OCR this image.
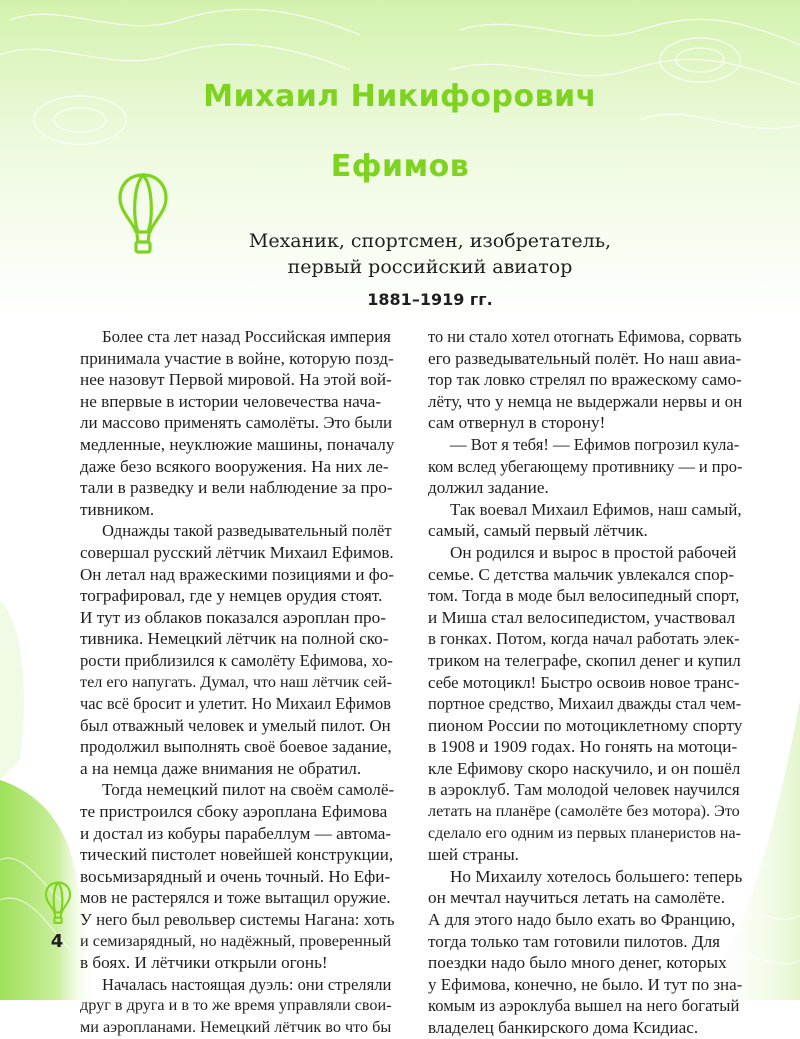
Михаил Никифорович
Ефимов
Механик, спортсмен, изобретатель,
первый российский авиатор
1881–1919 гг.
Более ста лет назад Российская империя
принимала участие в войне, которую позд-
нее назовут Первой мировой. На этой вой-
не впервые в истории человечества нача-
ли массово применять самолёты. Это были
медленные, неуклюжие машины, поначалу
даже безо всякого вооружения. На них ле-
тали в разведку и вели наблюдение за про-
тивником.
Однажды такой разведывательный полёт
совершал русский лётчик Михаил Ефимов.
Он летал над вражескими позициями и фо-
тографировал, где у немцев орудия стоят.
И тут из облаков показался аэроплан про-
тивника. Немецкий лётчик на полной ско-
рости приблизился к самолёту Ефимова, хо-
тел его напугать. Думал, что наш лётчик сей-
час всё бросит и улетит. Но Михаил Ефимов
был отважный человек и умелый пилот. Он
продолжил выполнять своё боевое задание,
а на немца даже внимания не обратил.
Тогда немецкий пилот на своём самолё-
те пристроился сбоку аэроплана Ефимова
и достал из кобуры парабеллум — автома-
тический пистолет новейшей конструкции,
восьмизарядный и очень точный. Но Ефи-
мов не растерялся и тоже вытащил оружие.
У него был револьвер системы Нагана: хоть
и семизарядный, но надёжный, проверенный
в боях. И лётчики открыли огонь!
Началась настоящая дуэль: они стреляли
друг в друга и в то же время управляли свои-
ми аэропланами. Немецкий лётчик во что бы
то ни стало хотел отогнать Ефимова, сорвать
его разведывательный полёт. Но наш авиа-
тор так ловко стрелял по вражескому само-
лёту, что у немца не выдержали нервы и он
сам отвернул в сторону!
— Вот я тебя! — Ефимов погрозил кула-
ком вслед убегающему противнику — и про-
должил задание.
Так воевал Михаил Ефимов, наш самый,
самый, самый первый лётчик.
Он родился и вырос в простой рабочей
семье. С детства мальчик увлекался спор-
том. Тогда в моде был велосипедный спорт,
и Миша стал велосипедистом, участвовал
в гонках. Потом, когда начал работать элек-
триком на телеграфе, скопил денег и купил
себе мотоцикл! Быстро освоив новое транс-
портное средство, Михаил дважды стал чем-
пионом России по мотоциклетному спорту
в 1908 и 1909 годах. Но гонять на мотоци-
кле Ефимову скоро наскучило, и он пошёл
в аэроклуб. Там молодой человек научился
летать на планёре (самолёте без мотора). Это
сделало его одним из первых планеристов на-
шей страны.
Но Михаилу хотелось большего: теперь
он мечтал научиться летать на самолёте.
А для этого надо было ехать во Францию,
тогда только там готовили пилотов. Для
поездки надо было много денег, которых
у Ефимова, конечно, не было. И тут по зна-
комым из аэроклуба вышел на него богатый
владелец банкирского дома Ксидиас.
4
